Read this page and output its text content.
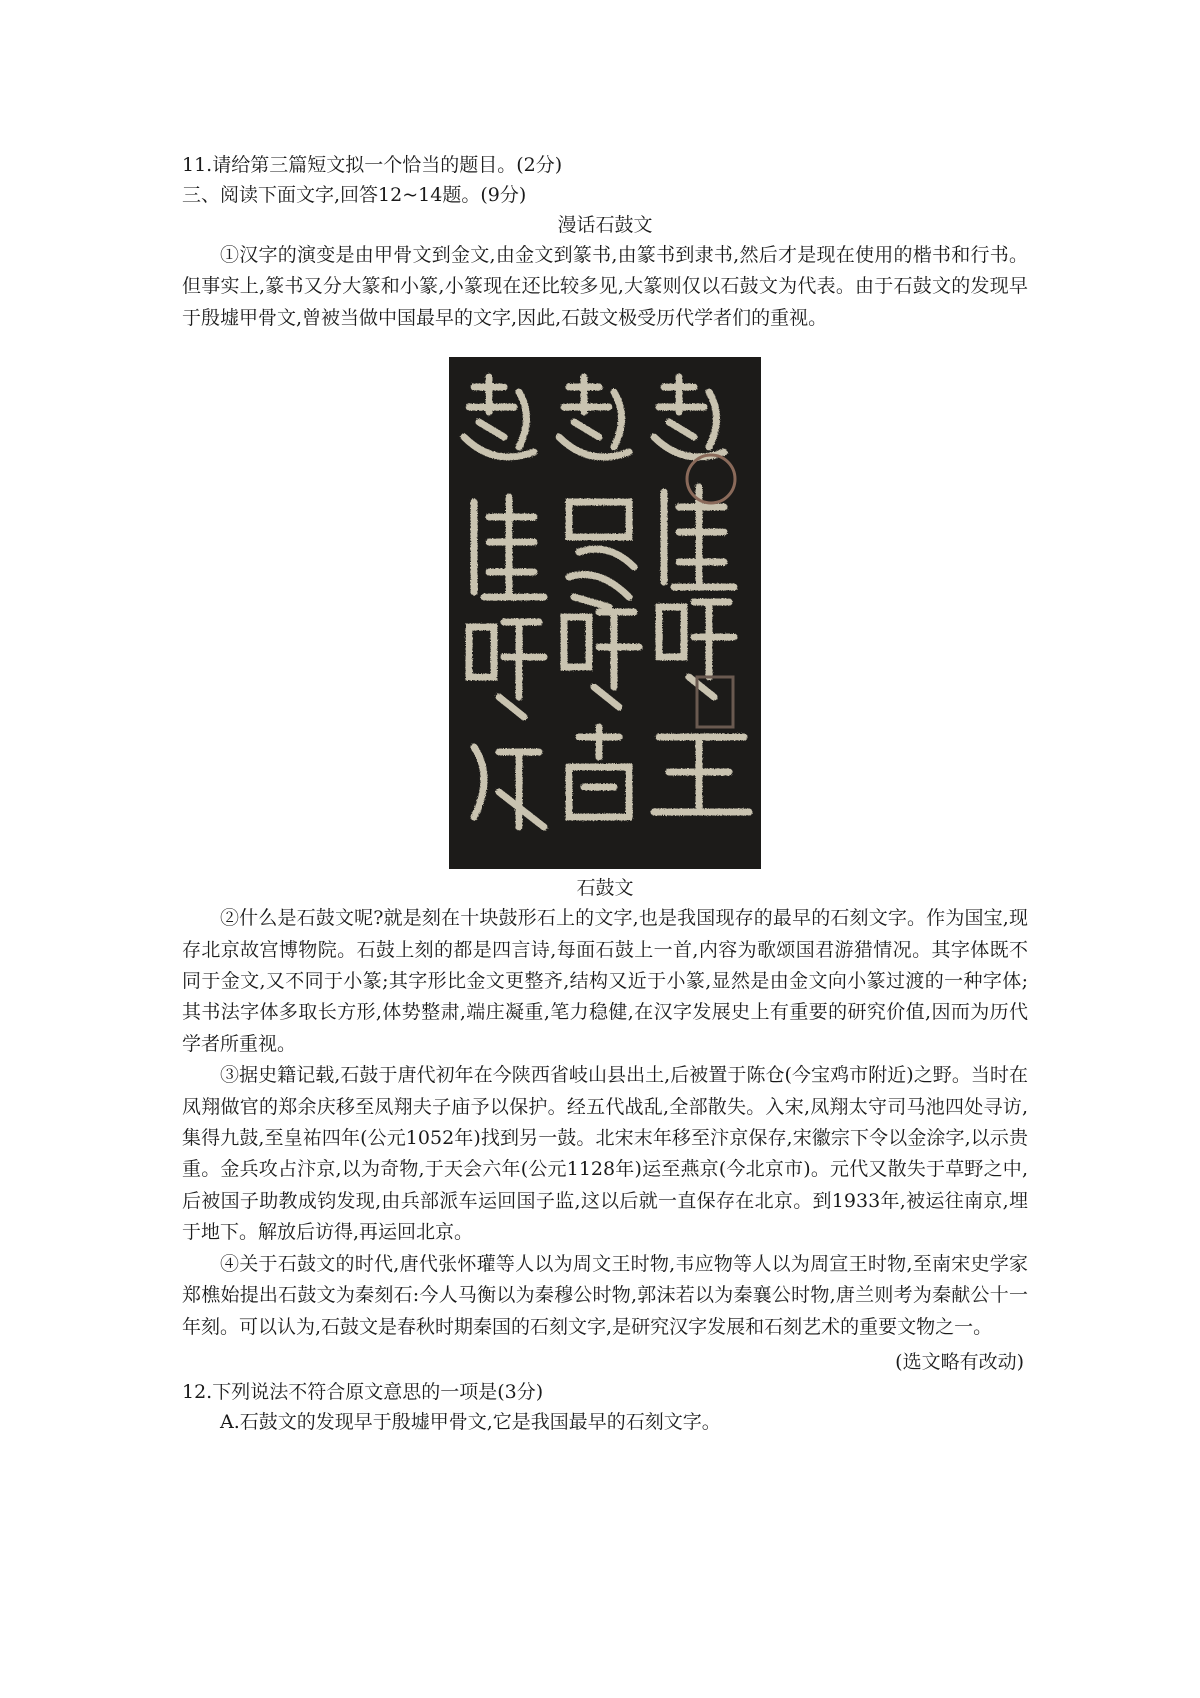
11.请给第三篇短文拟一个恰当的题目。(2分)
三、阅读下面文字,回答12~14题。(9分)
漫话石鼓文

①汉字的演变是由甲骨文到金文,由金文到篆书,由篆书到隶书,然后才是现在使用的楷书和行书。但事实上,篆书又分大篆和小篆,小篆现在还比较多见,大篆则仅以石鼓文为代表。由于石鼓文的发现早于殷墟甲骨文,曾被当做中国最早的文字,因此,石鼓文极受历代学者们的重视。

石鼓文

②什么是石鼓文呢?就是刻在十块鼓形石上的文字,也是我国现存的最早的石刻文字。作为国宝,现存北京故宫博物院。石鼓上刻的都是四言诗,每面石鼓上一首,内容为歌颂国君游猎情况。其字体既不同于金文,又不同于小篆;其字形比金文更整齐,结构又近于小篆,显然是由金文向小篆过渡的一种字体;其书法字体多取长方形,体势整肃,端庄凝重,笔力稳健,在汉字发展史上有重要的研究价值,因而为历代学者所重视。

③据史籍记载,石鼓于唐代初年在今陕西省岐山县出土,后被置于陈仓(今宝鸡市附近)之野。当时在凤翔做官的郑余庆移至凤翔夫子庙予以保护。经五代战乱,全部散失。入宋,凤翔太守司马池四处寻访,集得九鼓,至皇祐四年(公元1052年)找到另一鼓。北宋末年移至汴京保存,宋徽宗下令以金涂字,以示贵重。金兵攻占汴京,以为奇物,于天会六年(公元1128年)运至燕京(今北京市)。元代又散失于草野之中,后被国子助教成钧发现,由兵部派车运回国子监,这以后就一直保存在北京。到1933年,被运往南京,埋于地下。解放后访得,再运回北京。

④关于石鼓文的时代,唐代张怀瓘等人以为周文王时物,韦应物等人以为周宣王时物,至南宋史学家郑樵始提出石鼓文为秦刻石:今人马衡以为秦穆公时物,郭沫若以为秦襄公时物,唐兰则考为秦献公十一年刻。可以认为,石鼓文是春秋时期秦国的石刻文字,是研究汉字发展和石刻艺术的重要文物之一。

(选文略有改动)
12.下列说法不符合原文意思的一项是(3分)
A.石鼓文的发现早于殷墟甲骨文,它是我国最早的石刻文字。
